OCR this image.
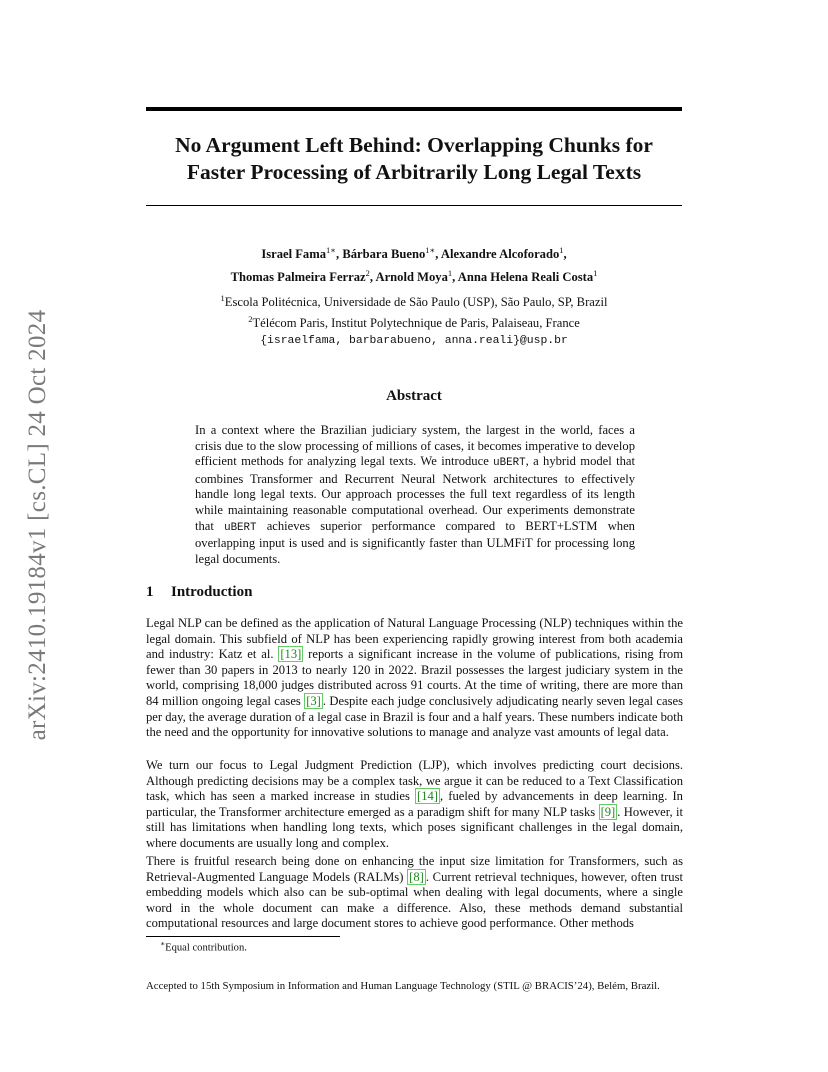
arXiv:2410.19184v1 [cs.CL] 24 Oct 2024
No Argument Left Behind: Overlapping Chunks for
Faster Processing of Arbitrarily Long Legal Texts
Israel Fama$^{1∗}$, Bárbara Bueno$^{1∗}$, Alexandre Alcoforado$^1$,
Thomas Palmeira Ferraz$^2$, Arnold Moya$^1$, Anna Helena Reali Costa$^1$
$^1$Escola Politécnica, Universidade de São Paulo (USP), São Paulo, SP, Brazil
$^2$Télécom Paris, Institut Polytechnique de Paris, Palaiseau, France
{israelfama, barbarabueno, anna.reali}@usp.br
Abstract
In a context where the Brazilian judiciary system, the largest in the world, faces a crisis due to the slow processing of millions of cases, it becomes imperative to develop efficient methods for analyzing legal texts. We introduce uBERT, a hybrid model that combines Transformer and Recurrent Neural Network architectures to effectively handle long legal texts. Our approach processes the full text regardless of its length while maintaining reasonable computational overhead. Our experiments demonstrate that uBERT achieves superior performance compared to BERT+LSTM when overlapping input is used and is significantly faster than ULMFiT for processing long legal documents.
1 Introduction
Legal NLP can be defined as the application of Natural Language Processing (NLP) techniques within the legal domain. This subfield of NLP has been experiencing rapidly growing interest from both academia and industry: Katz et al. [13] reports a significant increase in the volume of publications, rising from fewer than 30 papers in 2013 to nearly 120 in 2022. Brazil possesses the largest judiciary system in the world, comprising 18,000 judges distributed across 91 courts. At the time of writing, there are more than 84 million ongoing legal cases [3] . Despite each judge conclusively adjudicating nearly seven legal cases per day, the average duration of a legal case in Brazil is four and a half years. These numbers indicate both the need and the opportunity for innovative solutions to manage and analyze vast amounts of legal data.
We turn our focus to Legal Judgment Prediction (LJP), which involves predicting court decisions. Although predicting decisions may be a complex task, we argue it can be reduced to a Text Classification task, which has seen a marked increase in studies [14] , fueled by advancements in deep learning. In particular, the Transformer architecture emerged as a paradigm shift for many NLP tasks [9] . However, it still has limitations when handling long texts, which poses significant challenges in the legal domain, where documents are usually long and complex.
There is fruitful research being done on enhancing the input size limitation for Transformers, such as Retrieval-Augmented Language Models (RALMs) [8] . Current retrieval techniques, however, often trust embedding models which also can be sub-optimal when dealing with legal documents, where a single word in the whole document can make a difference. Also, these methods demand substantial computational resources and large document stores to achieve good performance. Other methods
∗Equal contribution.
Accepted to 15th Symposium in Information and Human Language Technology (STIL @ BRACIS’24), Belém, Brazil.
